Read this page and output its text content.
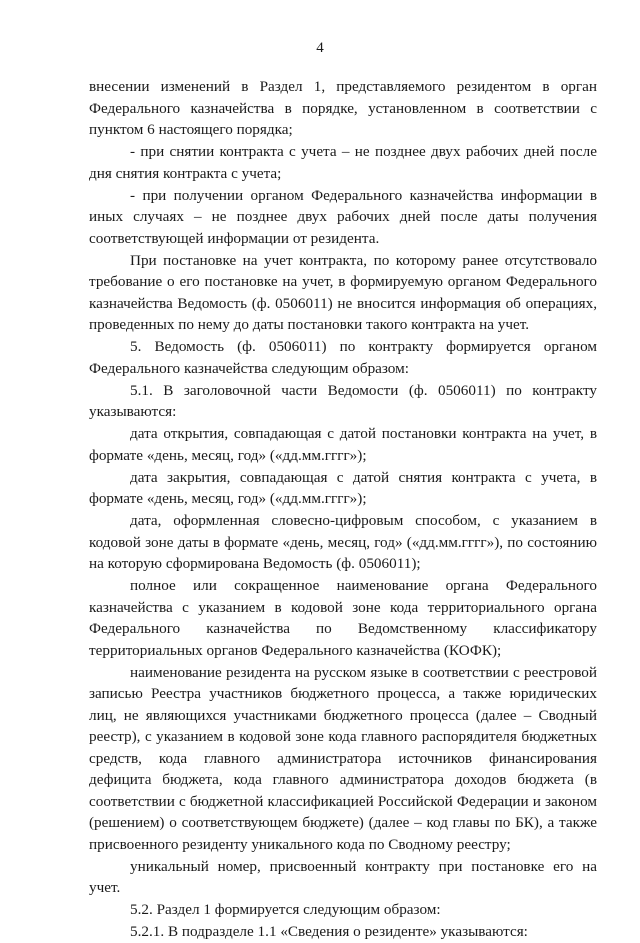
4

внесении изменений в Раздел 1, представляемого резидентом в орган Федерального казначейства в порядке, установленном в соответствии с пунктом 6 настоящего порядка;

- при снятии контракта с учета – не позднее двух рабочих дней после дня снятия контракта с учета;

- при получении органом Федерального казначейства информации в иных случаях – не позднее двух рабочих дней после даты получения соответствующей информации от резидента.

При постановке на учет контракта, по которому ранее отсутствовало требование о его постановке на учет, в формируемую органом Федерального казначейства Ведомость (ф. 0506011) не вносится информация об операциях, проведенных по нему до даты постановки такого контракта на учет.

5. Ведомость (ф. 0506011) по контракту формируется органом Федерального казначейства следующим образом:

5.1. В заголовочной части Ведомости (ф. 0506011) по контракту указываются:

дата открытия, совпадающая с датой постановки контракта на учет, в формате «день, месяц, год» («дд.мм.гггг»);

дата закрытия, совпадающая с датой снятия контракта с учета, в формате «день, месяц, год» («дд.мм.гггг»);

дата, оформленная словесно-цифровым способом, с указанием в кодовой зоне даты в формате «день, месяц, год» («дд.мм.гггг»), по состоянию на которую сформирована Ведомость (ф. 0506011);

полное или сокращенное наименование органа Федерального казначейства с указанием в кодовой зоне кода территориального органа Федерального казначейства по Ведомственному классификатору территориальных органов Федерального казначейства (КОФК);

наименование резидента на русском языке в соответствии с реестровой записью Реестра участников бюджетного процесса, а также юридических лиц, не являющихся участниками бюджетного процесса (далее – Сводный реестр), с указанием в кодовой зоне кода главного распорядителя бюджетных средств, кода главного администратора источников финансирования дефицита бюджета, кода главного администратора доходов бюджета (в соответствии с бюджетной классификацией Российской Федерации и законом (решением) о соответствующем бюджете) (далее – код главы по БК), а также присвоенного резиденту уникального кода по Сводному реестру;

уникальный номер, присвоенный контракту при постановке его на учет.

5.2. Раздел 1 формируется следующим образом:

5.2.1. В подразделе 1.1 «Сведения о резиденте» указываются:
